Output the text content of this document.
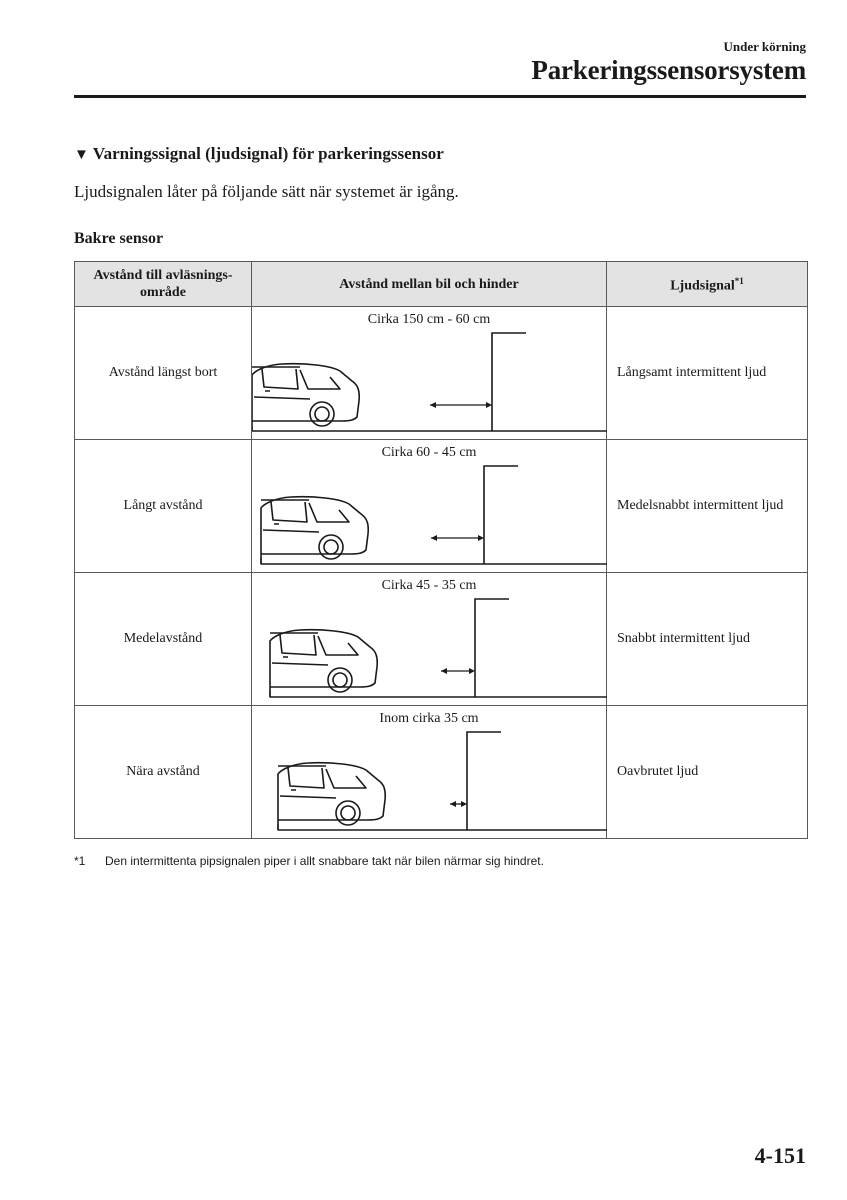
Under körning
Parkeringssensorsystem
▼ Varningssignal (ljudsignal) för parkeringssensor
Ljudsignalen låter på följande sätt när systemet är igång.
Bakre sensor
Avstånd till avläsnings-
område	Avstånd mellan bil och hinder	Ljudsignal$^{*1}$
Avstånd längst bort	Cirka 150 cm - 60 cm	Långsamt intermittent ljud
Långt avstånd	Cirka 60 - 45 cm	Medelsnabbt intermittent ljud
Medelavstånd	Cirka 45 - 35 cm	Snabbt intermittent ljud
Nära avstånd	Inom cirka 35 cm	Oavbrutet ljud
*1 Den intermittenta pipsignalen piper i allt snabbare takt när bilen närmar sig hindret.
4-151
